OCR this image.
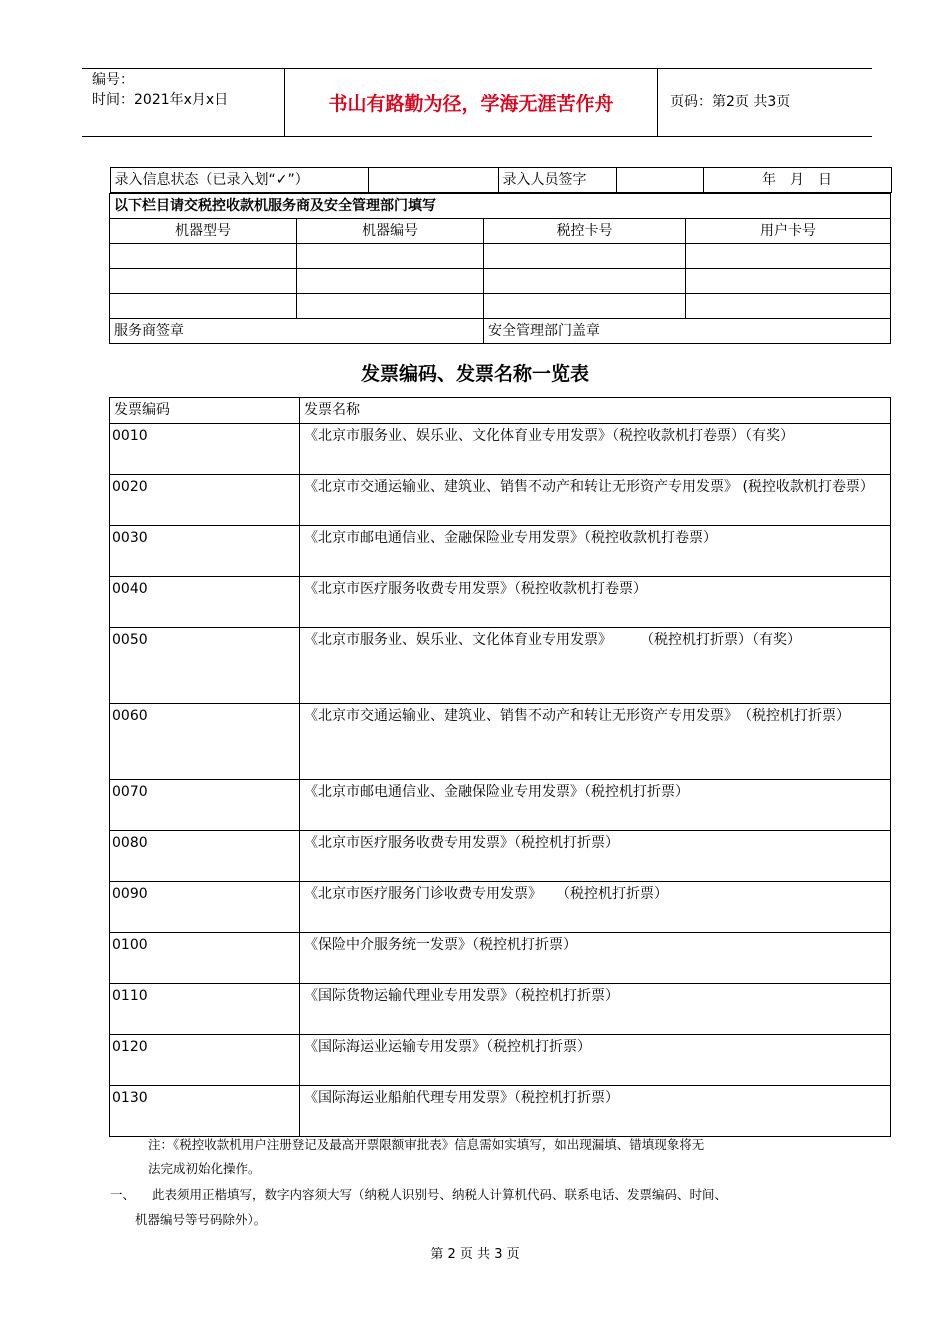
编号：
时间：2021年x月x日	书山有路勤为径，学海无涯苦作舟	页码：第2页 共3页
录入信息状态（已录入划“✓”）		录入人员签字		年　月　日

以下栏目请交税控收款机服务商及安全管理部门填写
机器型号	机器编号	税控卡号	用户卡号

服务商签章	安全管理部门盖章
发票编码、发票名称一览表
发票编码	发票名称
0010	《北京市服务业、娱乐业、文化体育业专用发票》（税控收款机打卷票）（有奖）
0020	《北京市交通运输业、建筑业、销售不动产和转让无形资产专用发票》 (税控收款机打卷票）
0030	《北京市邮电通信业、金融保险业专用发票》（税控收款机打卷票）
0040	《北京市医疗服务收费专用发票》（税控收款机打卷票）
0050	《北京市服务业、娱乐业、文化体育业专用发票》　　　（税控机打折票）（有奖）
0060	《北京市交通运输业、建筑业、销售不动产和转让无形资产专用发票》　（税控机打折票）
0070	《北京市邮电通信业、金融保险业专用发票》（税控机打折票）
0080	《北京市医疗服务收费专用发票》（税控机打折票）
0090	《北京市医疗服务门诊收费专用发票》　　（税控机打折票）
0100	《保险中介服务统一发票》（税控机打折票）
0110	《国际货物运输代理业专用发票》（税控机打折票）
0120	《国际海运业运输专用发票》（税控机打折票）
0130	《国际海运业船舶代理专用发票》（税控机打折票）
注：《税控收款机用户注册登记及最高开票限额审批表》信息需如实填写，如出现漏填、错填现象将无
法完成初始化操作。
一、 此表须用正楷填写，数字内容须大写（纳税人识别号、纳税人计算机代码、联系电话、发票编码、时间、
机器编号等号码除外）。
第 2 页 共 3 页
